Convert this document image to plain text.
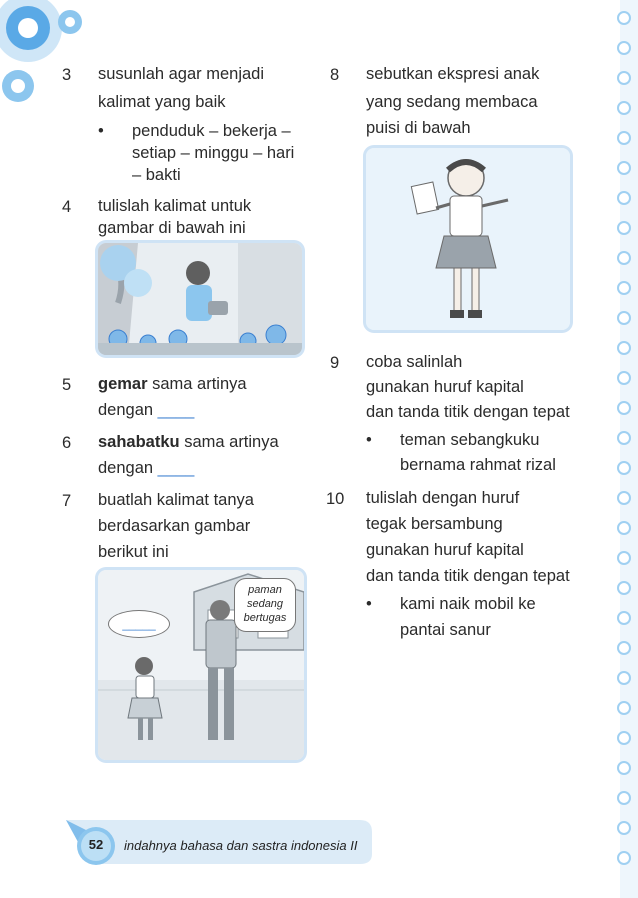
3 susunlah agar menjadi
kalimat yang baik
• penduduk – bekerja –
setiap – minggu – hari
– bakti
4 tulislah kalimat untuk
gambar di bawah ini
5 gemar sama artinya
dengan ____
6 sahabatku sama artinya
dengan ____
7 buatlah kalimat tanya
berdasarkan gambar
berikut ini
_____
paman sedang bertugas
8 sebutkan ekspresi anak
yang sedang membaca
puisi di bawah
9 coba salinlah
gunakan huruf kapital
dan tanda titik dengan tepat
• teman sebangkuku
bernama rahmat rizal
10 tulislah dengan huruf
tegak bersambung
gunakan huruf kapital
dan tanda titik dengan tepat
• kami naik mobil ke
pantai sanur
52	indahnya bahasa dan sastra indonesia II
